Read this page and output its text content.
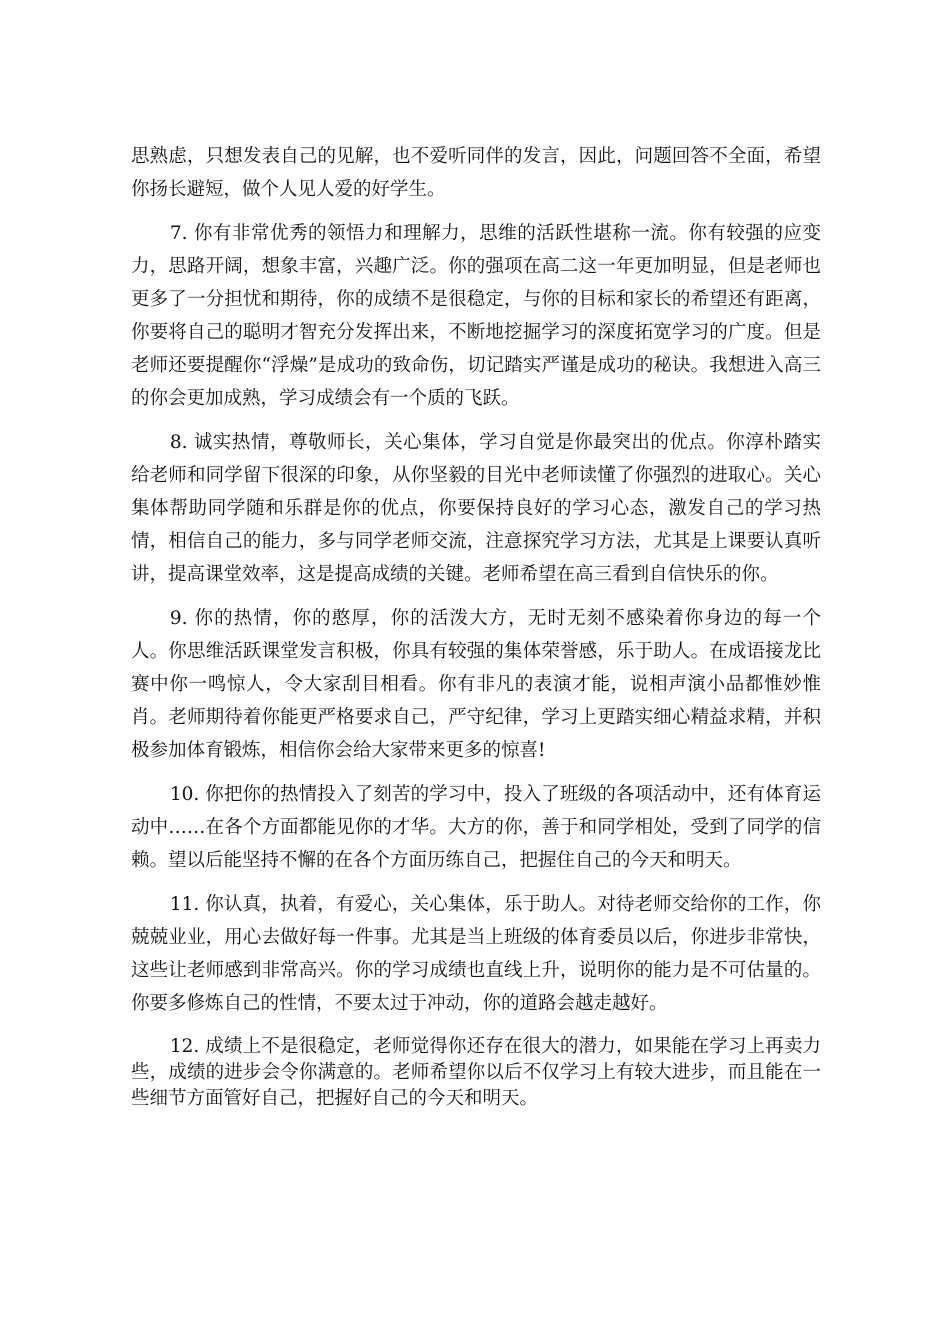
思熟虑，只想发表自己的见解，也不爱听同伴的发言，因此，问题回答不全面，希望你扬长避短，做个人见人爱的好学生。

7. 你有非常优秀的领悟力和理解力，思维的活跃性堪称一流。你有较强的应变力，思路开阔，想象丰富，兴趣广泛。你的强项在高二这一年更加明显，但是老师也更多了一分担忧和期待，你的成绩不是很稳定，与你的目标和家长的希望还有距离，你要将自己的聪明才智充分发挥出来，不断地挖掘学习的深度拓宽学习的广度。但是老师还要提醒你“浮燥”是成功的致命伤，切记踏实严谨是成功的秘诀。我想进入高三的你会更加成熟，学习成绩会有一个质的飞跃。

8. 诚实热情，尊敬师长，关心集体，学习自觉是你最突出的优点。你淳朴踏实给老师和同学留下很深的印象，从你坚毅的目光中老师读懂了你强烈的进取心。关心集体帮助同学随和乐群是你的优点，你要保持良好的学习心态，激发自己的学习热情，相信自己的能力，多与同学老师交流，注意探究学习方法，尤其是上课要认真听讲，提高课堂效率，这是提高成绩的关键。老师希望在高三看到自信快乐的你。

9. 你的热情，你的憨厚，你的活泼大方，无时无刻不感染着你身边的每一个人。你思维活跃课堂发言积极，你具有较强的集体荣誉感，乐于助人。在成语接龙比赛中你一鸣惊人，令大家刮目相看。你有非凡的表演才能，说相声演小品都惟妙惟肖。老师期待着你能更严格要求自己，严守纪律，学习上更踏实细心精益求精，并积极参加体育锻炼，相信你会给大家带来更多的惊喜!

10. 你把你的热情投入了刻苦的学习中，投入了班级的各项活动中，还有体育运动中……在各个方面都能见你的才华。大方的你，善于和同学相处，受到了同学的信赖。望以后能坚持不懈的在各个方面历练自己，把握住自己的今天和明天。

11. 你认真，执着，有爱心，关心集体，乐于助人。对待老师交给你的工作，你兢兢业业，用心去做好每一件事。尤其是当上班级的体育委员以后，你进步非常快，这些让老师感到非常高兴。你的学习成绩也直线上升，说明你的能力是不可估量的。你要多修炼自己的性情，不要太过于冲动，你的道路会越走越好。

12. 成绩上不是很稳定，老师觉得你还存在很大的潜力，如果能在学习上再卖力些，成绩的进步会令你满意的。老师希望你以后不仅学习上有较大进步，而且能在一些细节方面管好自己，把握好自己的今天和明天。
